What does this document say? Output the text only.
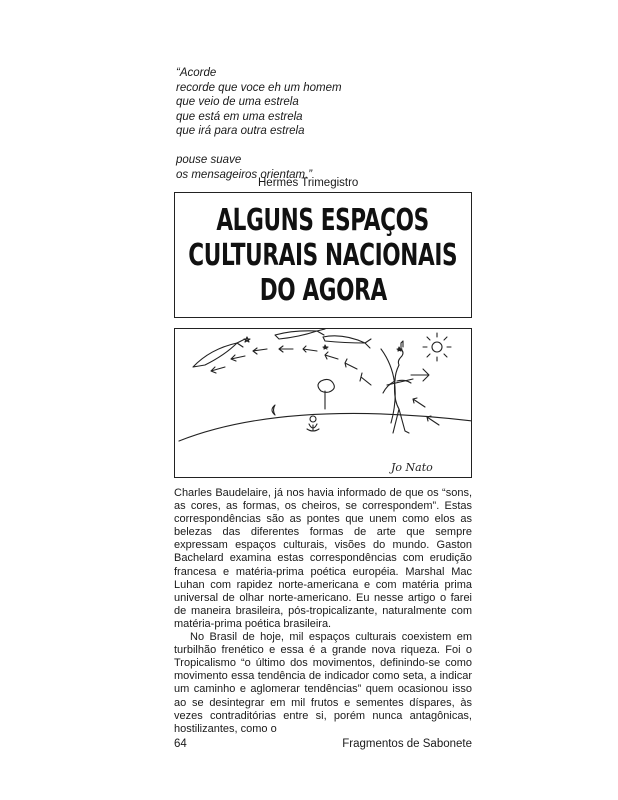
“Acorde
recorde que voce eh um homem
que veio de uma estrela
que está em uma estrela
que irá para outra estrela
pouse suave
os mensageiros orientam.”
Hermes Trimegistro
ALGUNS ESPAÇOS
CULTURAIS NACIONAIS
DO AGORA
Jo Nato

Charles Baudelaire, já nos havia informado de que os “sons, as cores, as formas, os cheiros, se correspondem”. Estas correspondências são as pontes que unem como elos as belezas das diferentes formas de arte que sempre expressam espaços culturais, visões do mundo. Gaston Bachelard examina estas correspondências com erudição francesa e matéria-prima poética européia. Marshal Mac Luhan com rapidez norte-americana e com matéria prima universal de olhar norte-americano. Eu nesse artigo o farei de maneira brasileira, pós-tropicalizante, naturalmente com matéria-prima poética brasileira.

No Brasil de hoje, mil espaços culturais coexistem em turbilhão frenético e essa é a grande nova riqueza. Foi o Tropicalismo “o último dos movimentos, definindo-se como movimento essa tendência de indicador como seta, a indicar um caminho e aglomerar tendências” quem ocasionou isso ao se desintegrar em mil frutos e sementes díspares, às vezes contraditórias entre si, porém nunca antagônicas, hostilizantes, como o

64	Fragmentos de Sabonete
